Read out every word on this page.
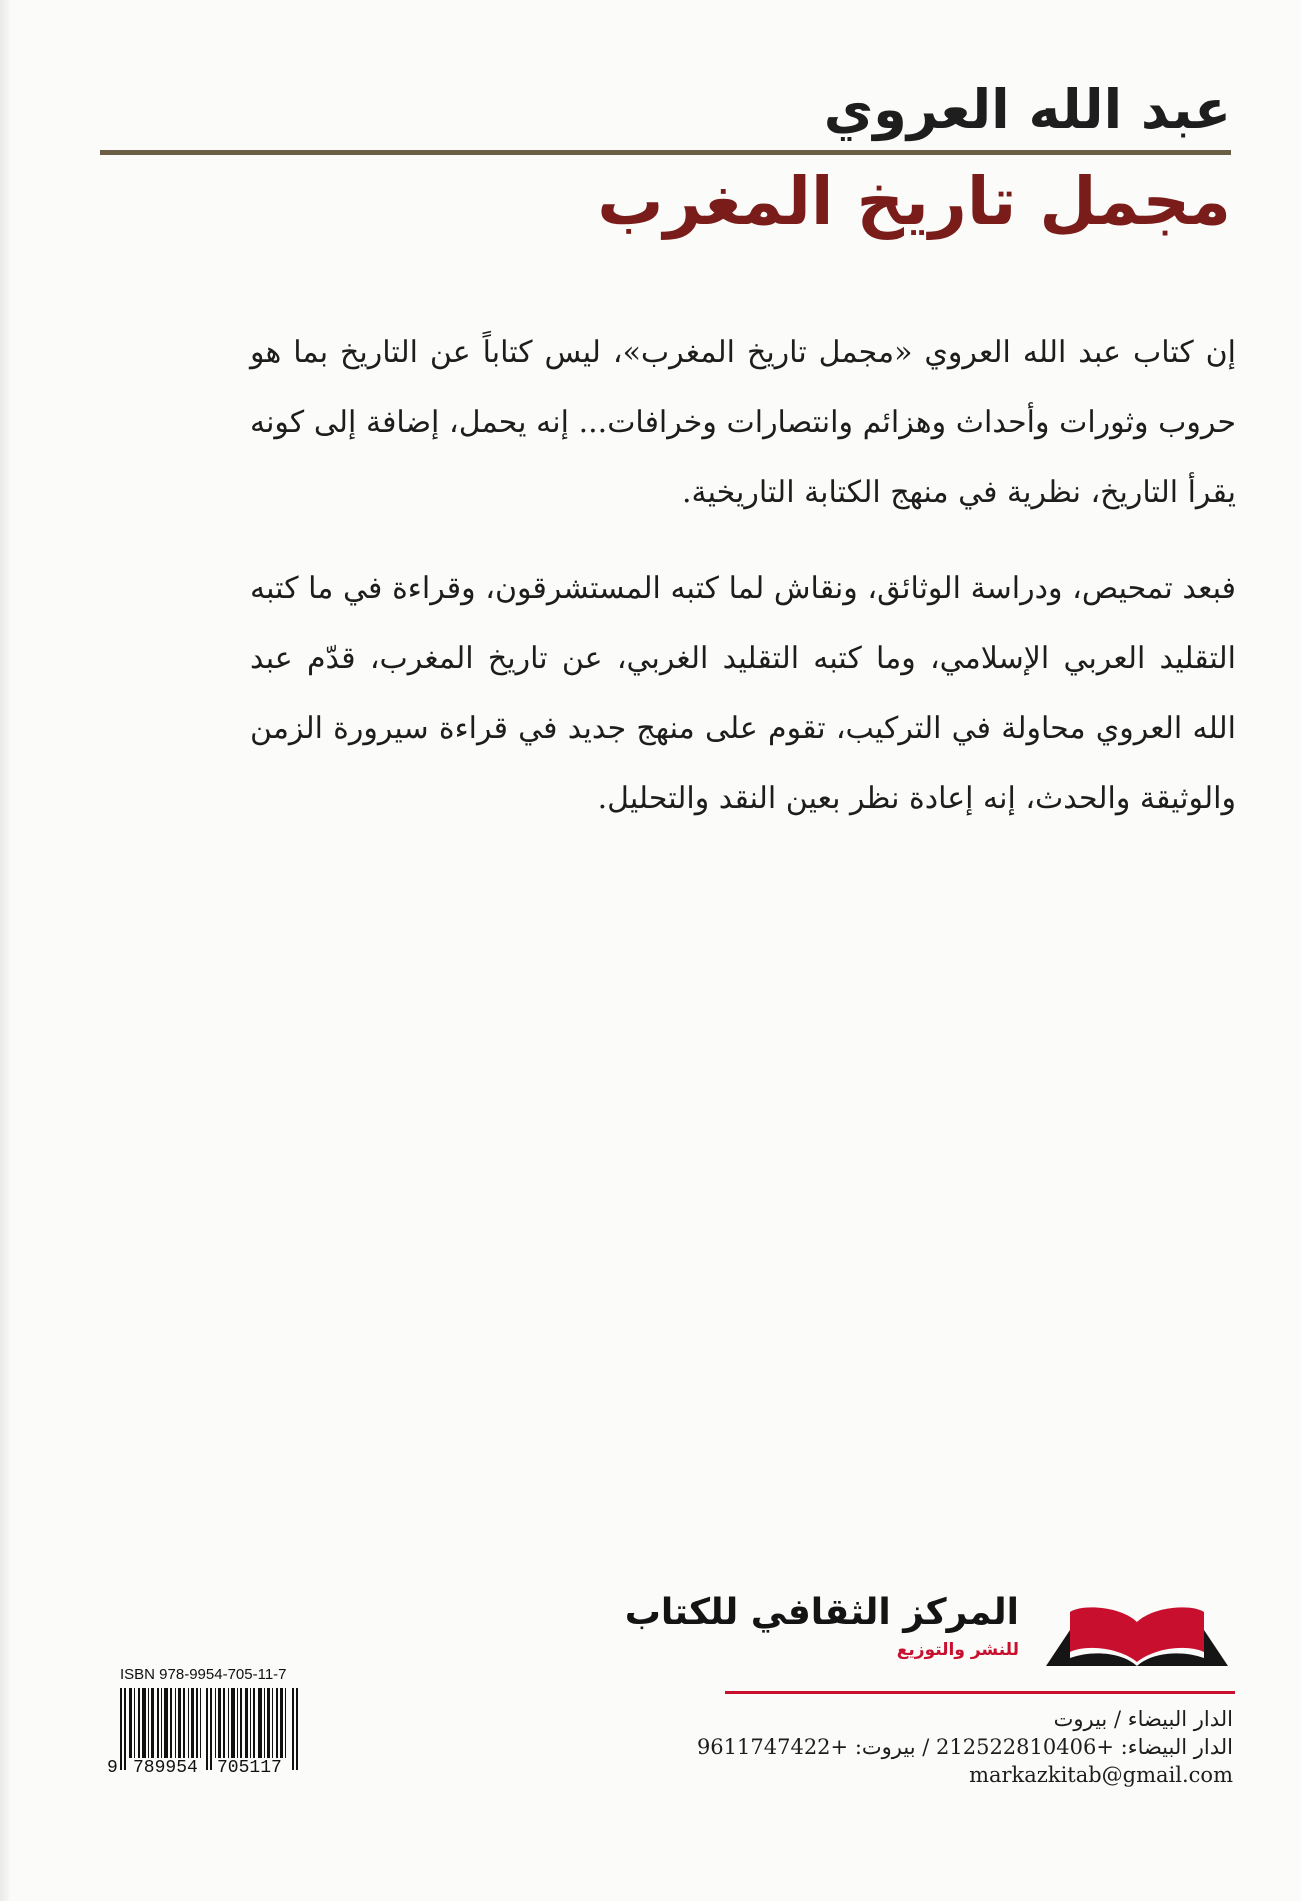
عبد الله العروي
مجمل تاريخ المغرب

إن كتاب عبد الله العروي «مجمل تاريخ المغرب»، ليس كتاباً عن التاريخ بما هو حروب وثورات وأحداث وهزائم وانتصارات وخرافات... إنه يحمل، إضافة إلى كونه يقرأ التاريخ، نظرية في منهج الكتابة التاريخية.

فبعد تمحيص، ودراسة الوثائق، ونقاش لما كتبه المستشرقون، وقراءة في ما كتبه التقليد العربي الإسلامي، وما كتبه التقليد الغربي، عن تاريخ المغرب، قدّم عبد الله العروي محاولة في التركيب، تقوم على منهج جديد في قراءة سيرورة الزمن والوثيقة والحدث، إنه إعادة نظر بعين النقد والتحليل.

المركز الثقافي للكتاب
للنشر والتوزيع
الدار البيضاء / بيروت
الدار البيضاء: +212522810406 / بيروت: +9611747422
markazkitab@gmail.com
ISBN 978-9954-705-11-7
9 789954 705117
